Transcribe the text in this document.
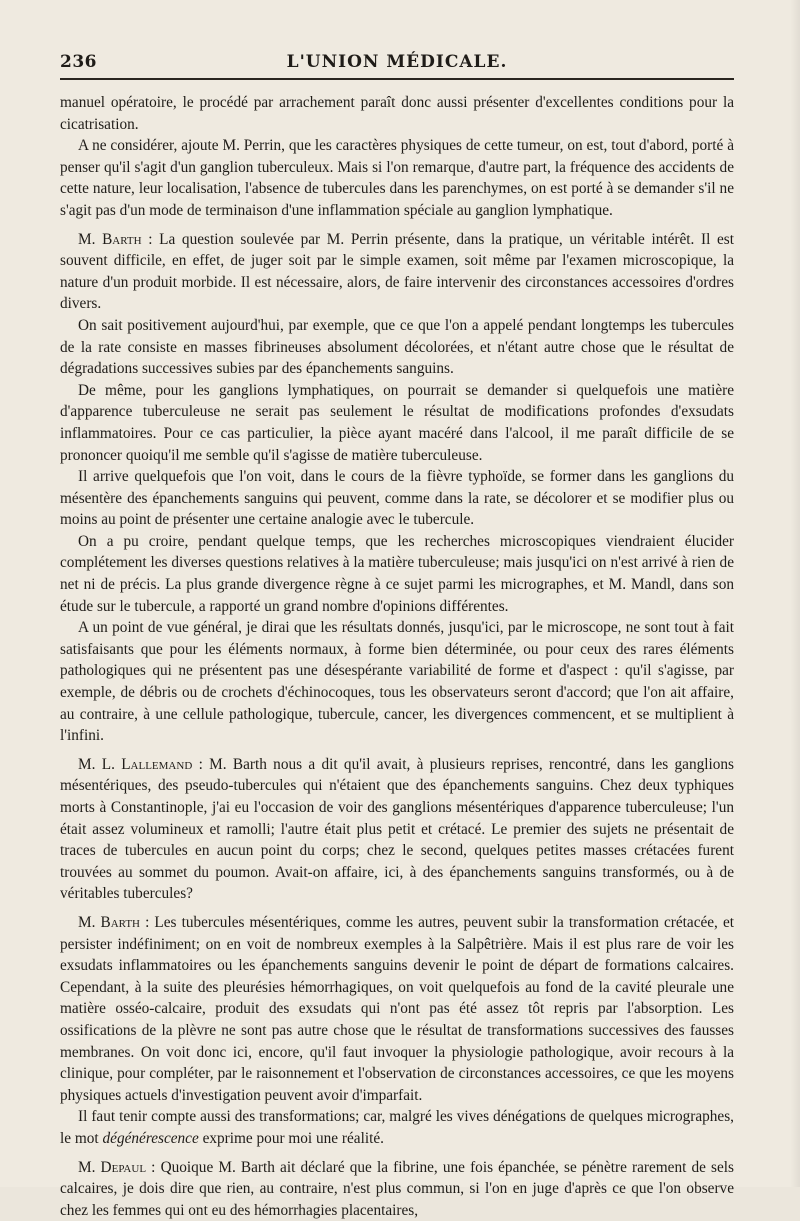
236	L'UNION MÉDICALE.

manuel opératoire, le procédé par arrachement paraît donc aussi présenter d'excellentes conditions pour la cicatrisation.

A ne considérer, ajoute M. Perrin, que les caractères physiques de cette tumeur, on est, tout d'abord, porté à penser qu'il s'agit d'un ganglion tuberculeux. Mais si l'on remarque, d'autre part, la fréquence des accidents de cette nature, leur localisation, l'absence de tubercules dans les parenchymes, on est porté à se demander s'il ne s'agit pas d'un mode de terminaison d'une inflammation spéciale au ganglion lymphatique.

M. Barth : La question soulevée par M. Perrin présente, dans la pratique, un véritable intérêt. Il est souvent difficile, en effet, de juger soit par le simple examen, soit même par l'examen microscopique, la nature d'un produit morbide. Il est nécessaire, alors, de faire intervenir des circonstances accessoires d'ordres divers.

On sait positivement aujourd'hui, par exemple, que ce que l'on a appelé pendant longtemps les tubercules de la rate consiste en masses fibrineuses absolument décolorées, et n'étant autre chose que le résultat de dégradations successives subies par des épanchements sanguins.

De même, pour les ganglions lymphatiques, on pourrait se demander si quelquefois une matière d'apparence tuberculeuse ne serait pas seulement le résultat de modifications profondes d'exsudats inflammatoires. Pour ce cas particulier, la pièce ayant macéré dans l'alcool, il me paraît difficile de se prononcer quoiqu'il me semble qu'il s'agisse de matière tuberculeuse.

Il arrive quelquefois que l'on voit, dans le cours de la fièvre typhoïde, se former dans les ganglions du mésentère des épanchements sanguins qui peuvent, comme dans la rate, se décolorer et se modifier plus ou moins au point de présenter une certaine analogie avec le tubercule.

On a pu croire, pendant quelque temps, que les recherches microscopiques viendraient élucider complétement les diverses questions relatives à la matière tuberculeuse; mais jusqu'ici on n'est arrivé à rien de net ni de précis. La plus grande divergence règne à ce sujet parmi les micrographes, et M. Mandl, dans son étude sur le tubercule, a rapporté un grand nombre d'opinions différentes.

A un point de vue général, je dirai que les résultats donnés, jusqu'ici, par le microscope, ne sont tout à fait satisfaisants que pour les éléments normaux, à forme bien déterminée, ou pour ceux des rares éléments pathologiques qui ne présentent pas une désespérante variabilité de forme et d'aspect : qu'il s'agisse, par exemple, de débris ou de crochets d'échinocoques, tous les observateurs seront d'accord; que l'on ait affaire, au contraire, à une cellule pathologique, tubercule, cancer, les divergences commencent, et se multiplient à l'infini.

M. L. Lallemand : M. Barth nous a dit qu'il avait, à plusieurs reprises, rencontré, dans les ganglions mésentériques, des pseudo-tubercules qui n'étaient que des épanchements sanguins. Chez deux typhiques morts à Constantinople, j'ai eu l'occasion de voir des ganglions mésentériques d'apparence tuberculeuse; l'un était assez volumineux et ramolli; l'autre était plus petit et crétacé. Le premier des sujets ne présentait de traces de tubercules en aucun point du corps; chez le second, quelques petites masses crétacées furent trouvées au sommet du poumon. Avait-on affaire, ici, à des épanchements sanguins transformés, ou à de véritables tubercules?

M. Barth : Les tubercules mésentériques, comme les autres, peuvent subir la transformation crétacée, et persister indéfiniment; on en voit de nombreux exemples à la Salpêtrière. Mais il est plus rare de voir les exsudats inflammatoires ou les épanchements sanguins devenir le point de départ de formations calcaires. Cependant, à la suite des pleurésies hémorrhagiques, on voit quelquefois au fond de la cavité pleurale une matière osséo-calcaire, produit des exsudats qui n'ont pas été assez tôt repris par l'absorption. Les ossifications de la plèvre ne sont pas autre chose que le résultat de transformations successives des fausses membranes. On voit donc ici, encore, qu'il faut invoquer la physiologie pathologique, avoir recours à la clinique, pour compléter, par le raisonnement et l'observation de circonstances accessoires, ce que les moyens physiques actuels d'investigation peuvent avoir d'imparfait.

Il faut tenir compte aussi des transformations; car, malgré les vives dénégations de quelques micrographes, le mot dégénérescence exprime pour moi une réalité.

M. Depaul : Quoique M. Barth ait déclaré que la fibrine, une fois épanchée, se pénètre rarement de sels calcaires, je dois dire que rien, au contraire, n'est plus commun, si l'on en juge d'après ce que l'on observe chez les femmes qui ont eu des hémorrhagies placentaires,
